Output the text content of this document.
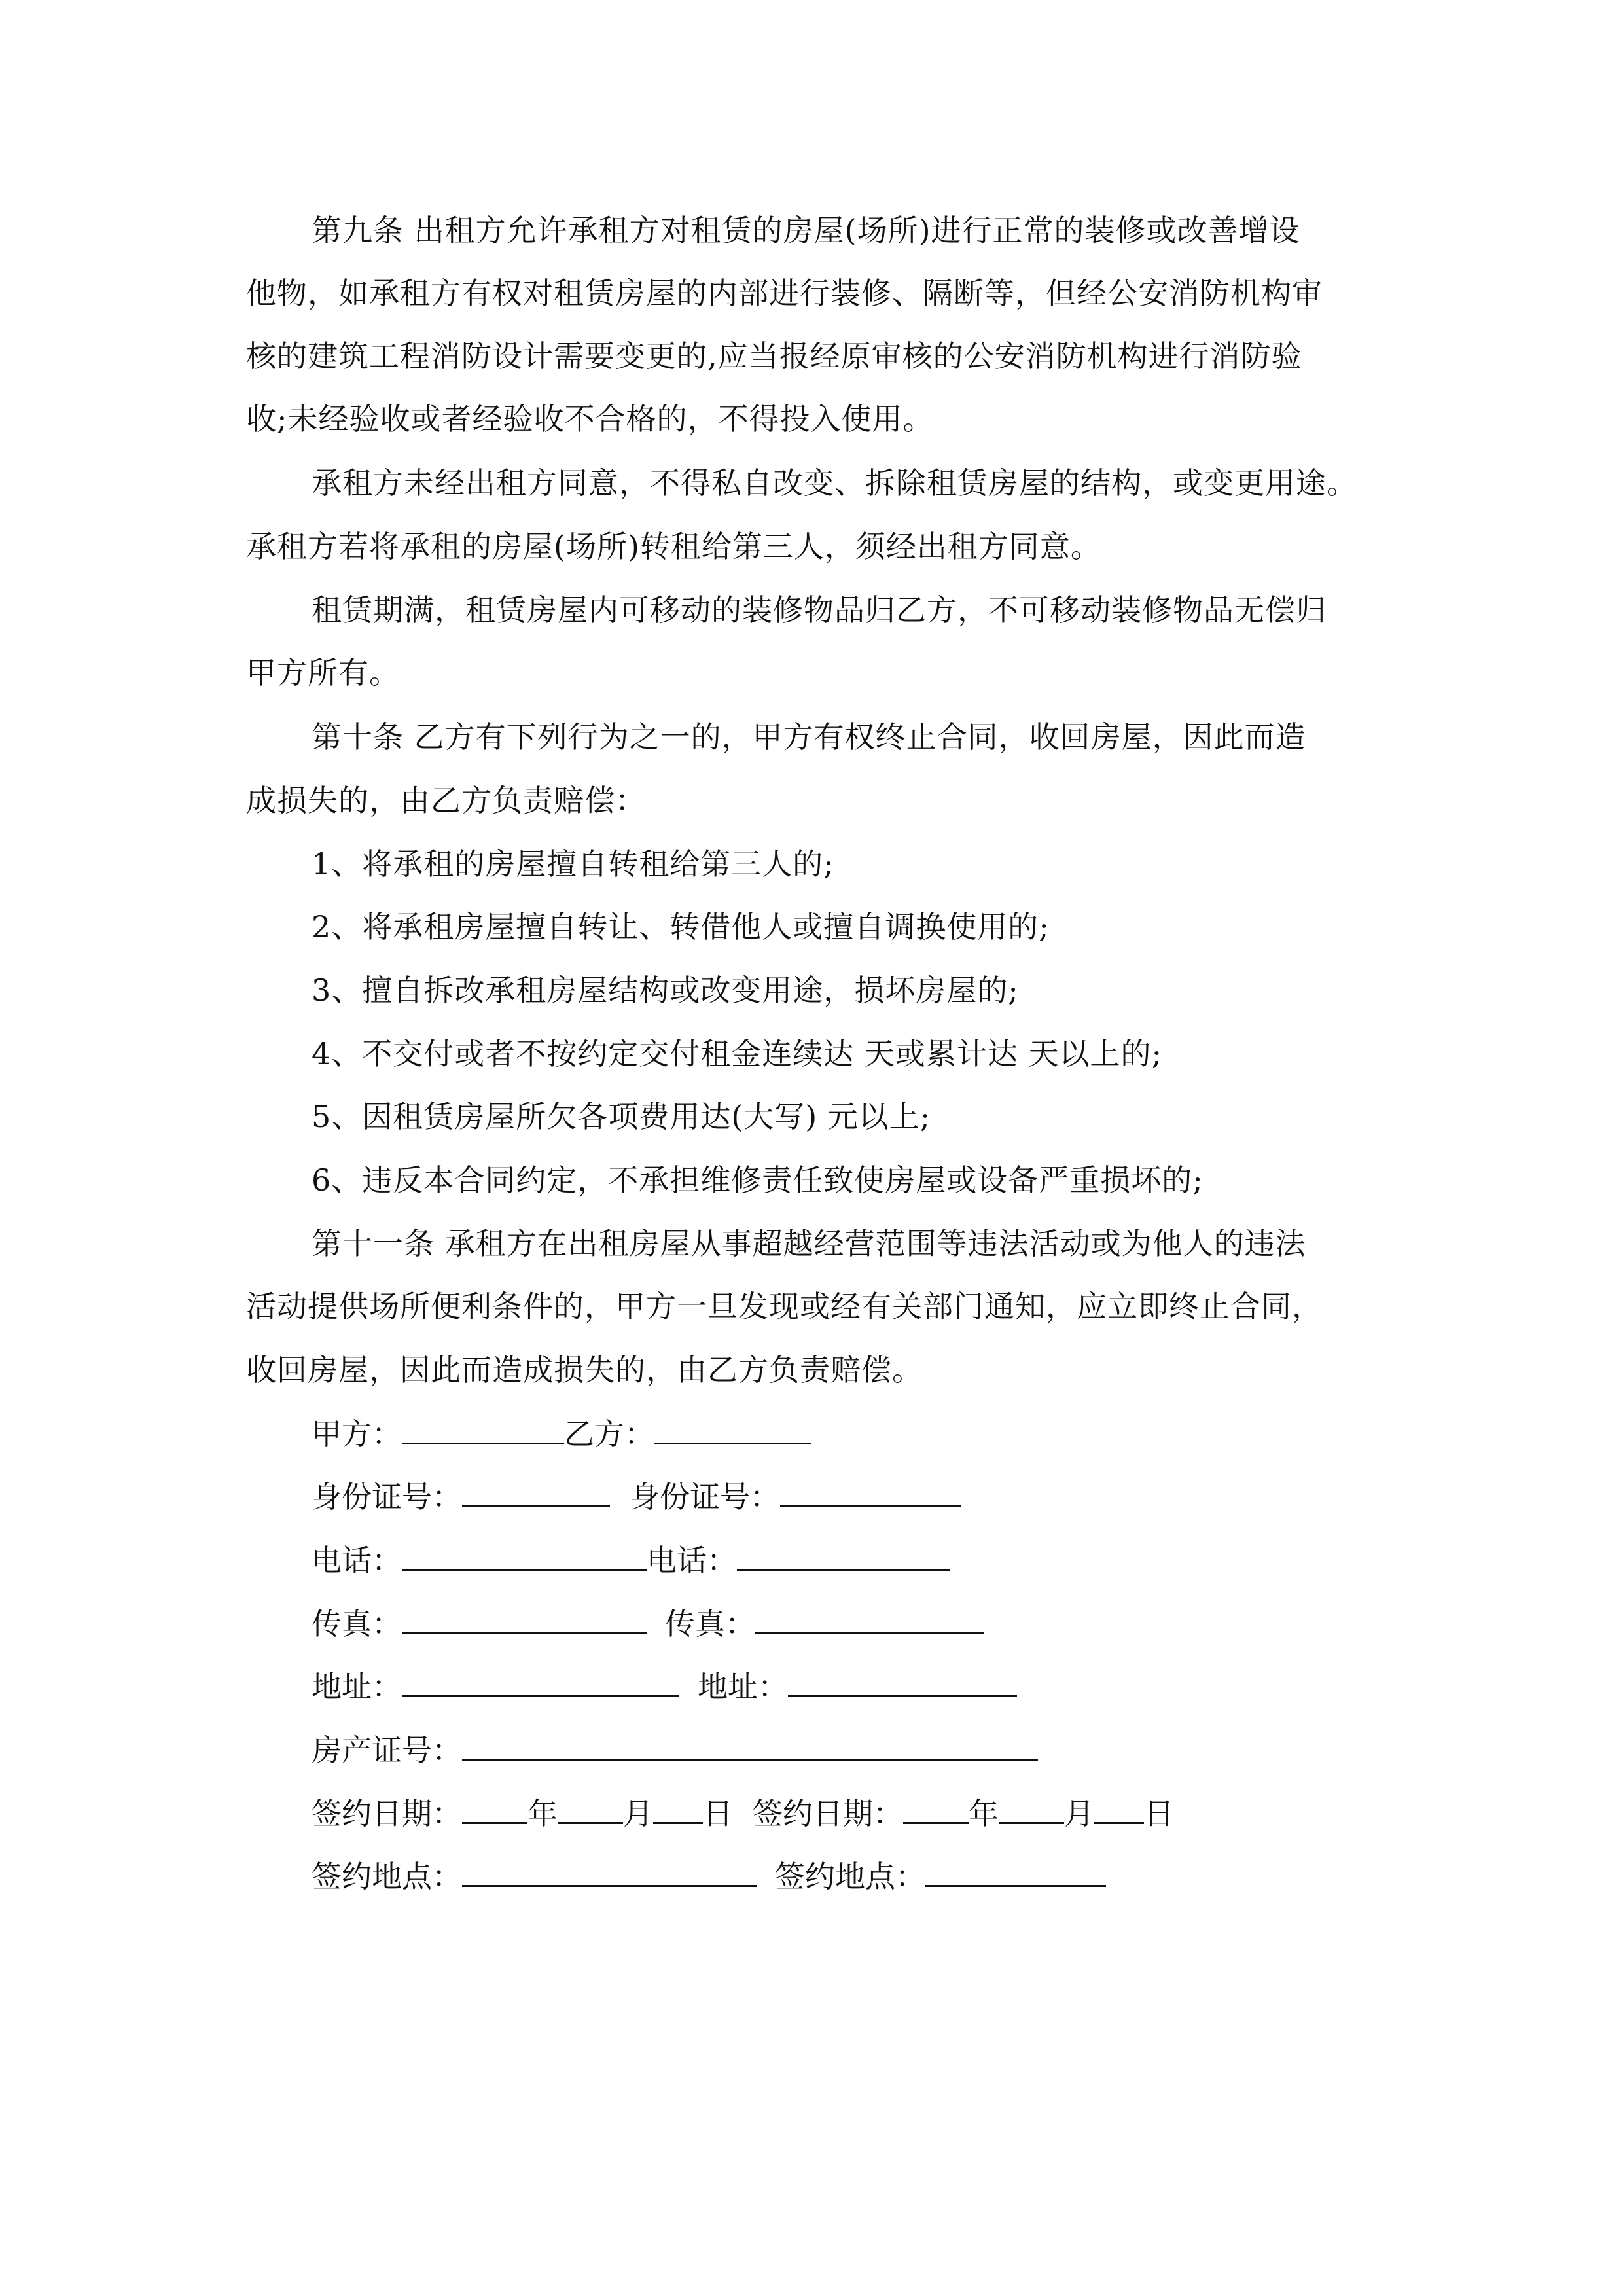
第九条 出租方允许承租方对租赁的房屋(场所)进行正常的装修或改善增设
他物，如承租方有权对租赁房屋的内部进行装修、隔断等，但经公安消防机构审
核的建筑工程消防设计需要变更的,应当报经原审核的公安消防机构进行消防验
收;未经验收或者经验收不合格的，不得投入使用。
承租方未经出租方同意，不得私自改变、拆除租赁房屋的结构，或变更用途。
承租方若将承租的房屋(场所)转租给第三人，须经出租方同意。
租赁期满，租赁房屋内可移动的装修物品归乙方，不可移动装修物品无偿归
甲方所有。
第十条 乙方有下列行为之一的，甲方有权终止合同，收回房屋，因此而造
成损失的，由乙方负责赔偿：
1、将承租的房屋擅自转租给第三人的;
2、将承租房屋擅自转让、转借他人或擅自调换使用的;
3、擅自拆改承租房屋结构或改变用途，损坏房屋的;
4、不交付或者不按约定交付租金连续达 天或累计达 天以上的;
5、因租赁房屋所欠各项费用达(大写) 元以上;
6、违反本合同约定，不承担维修责任致使房屋或设备严重损坏的;
第十一条 承租方在出租房屋从事超越经营范围等违法活动或为他人的违法
活动提供场所便利条件的，甲方一旦发现或经有关部门通知，应立即终止合同，
收回房屋，因此而造成损失的，由乙方负责赔偿。
甲方：	乙方：
身份证号：	身份证号：
电话：	电话：
传真：	传真：
地址：	地址：
房产证号：
签约日期： 年 月 日 签约日期： 年 月 日
签约地点：	签约地点：
